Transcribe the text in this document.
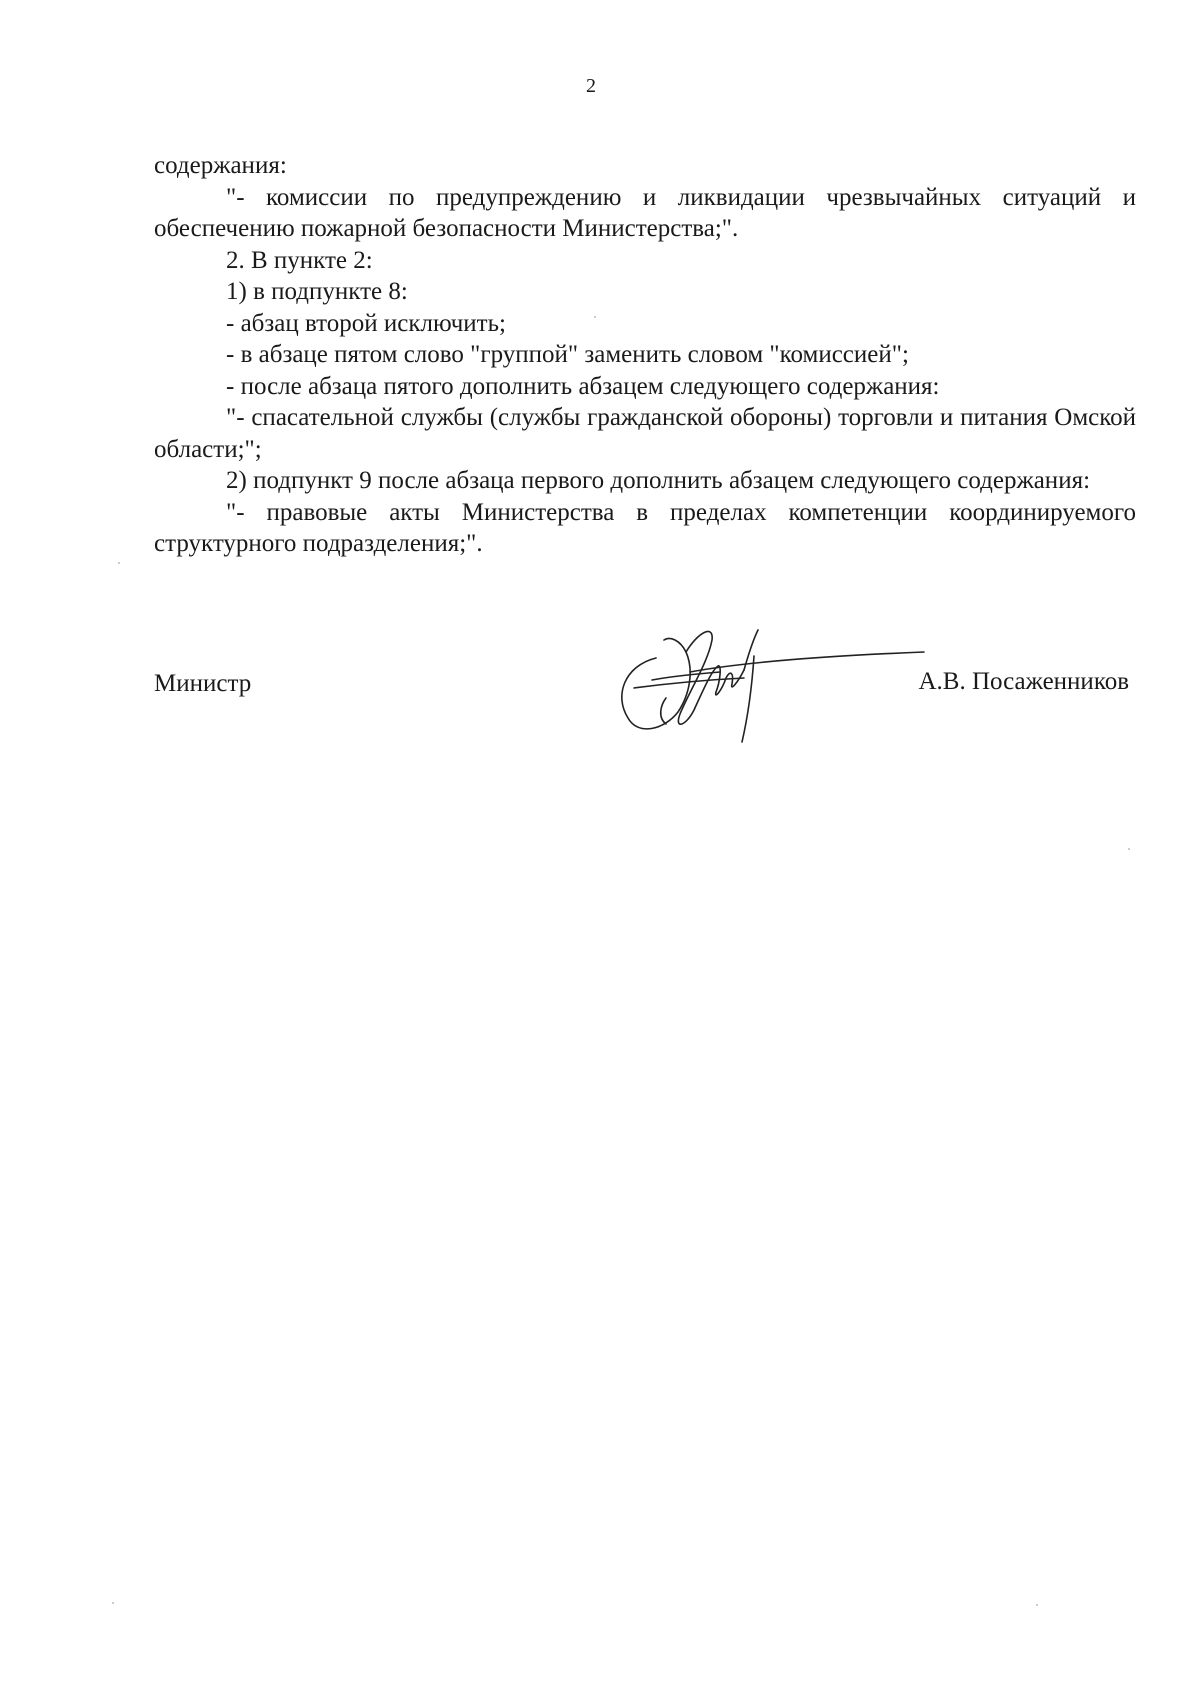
2

содержания:

"- комиссии по предупреждению и ликвидации чрезвычайных ситуаций и обеспечению пожарной безопасности Министерства;".

2. В пункте 2:

1) в подпункте 8:

- абзац второй исключить;

- в абзаце пятом слово "группой" заменить словом "комиссией";

- после абзаца пятого дополнить абзацем следующего содержания:

"- спасательной службы (службы гражданской обороны) торговли и питания Омской области;";

2) подпункт 9 после абзаца первого дополнить абзацем следующего содержания:

"- правовые акты Министерства в пределах компетенции координируемого структурного подразделения;".

Министр	А.В. Посаженников
